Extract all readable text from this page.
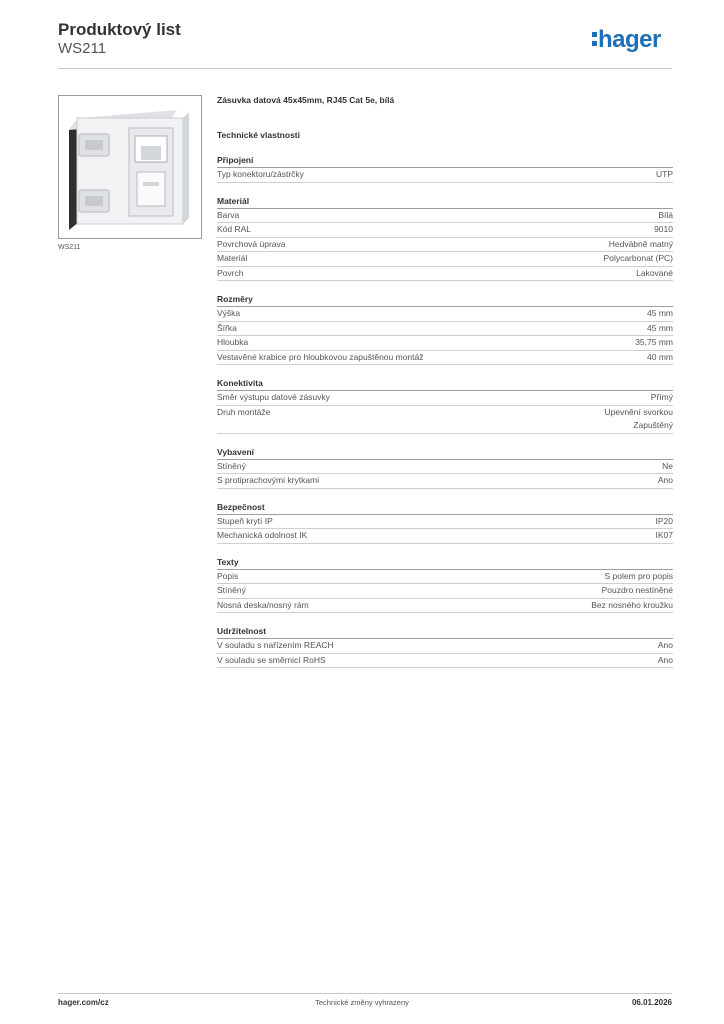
Produktový list
WS211	hager
WS211
Zásuvka datová 45x45mm, RJ45 Cat 5e, bílá
Technické vlastnosti
Připojení
Typ konektoru/zástrčky	UTP
Materiál
Barva	Bílá
Kód RAL	9010
Povrchová úprava	Hedvábně matný
Materiál	Polycarbonat (PC)
Povrch	Lakované
Rozměry
Výška	45 mm
Šířka	45 mm
Hloubka	35,75 mm
Vestavěné krabice pro hloubkovou zapuštěnou montáž	40 mm
Konektivita
Směr výstupu datové zásuvky	Přímý
Druh montáže	Upevnění svorkou
Zapuštěný
Vybavení
Stíněný	Ne
S protiprachovými krytkami	Ano
Bezpečnost
Stupeň krytí IP	IP20
Mechanická odolnost IK	IK07
Texty
Popis	S polem pro popis
Stíněný	Pouzdro nestíněné
Nosná deska/nosný rám	Bez nosného kroužku
Udržitelnost
V souladu s nařízením REACH	Ano
V souladu se směrnicí RoHS	Ano
hager.com/cz	Technické změny vyhrazeny	06.01.2026
